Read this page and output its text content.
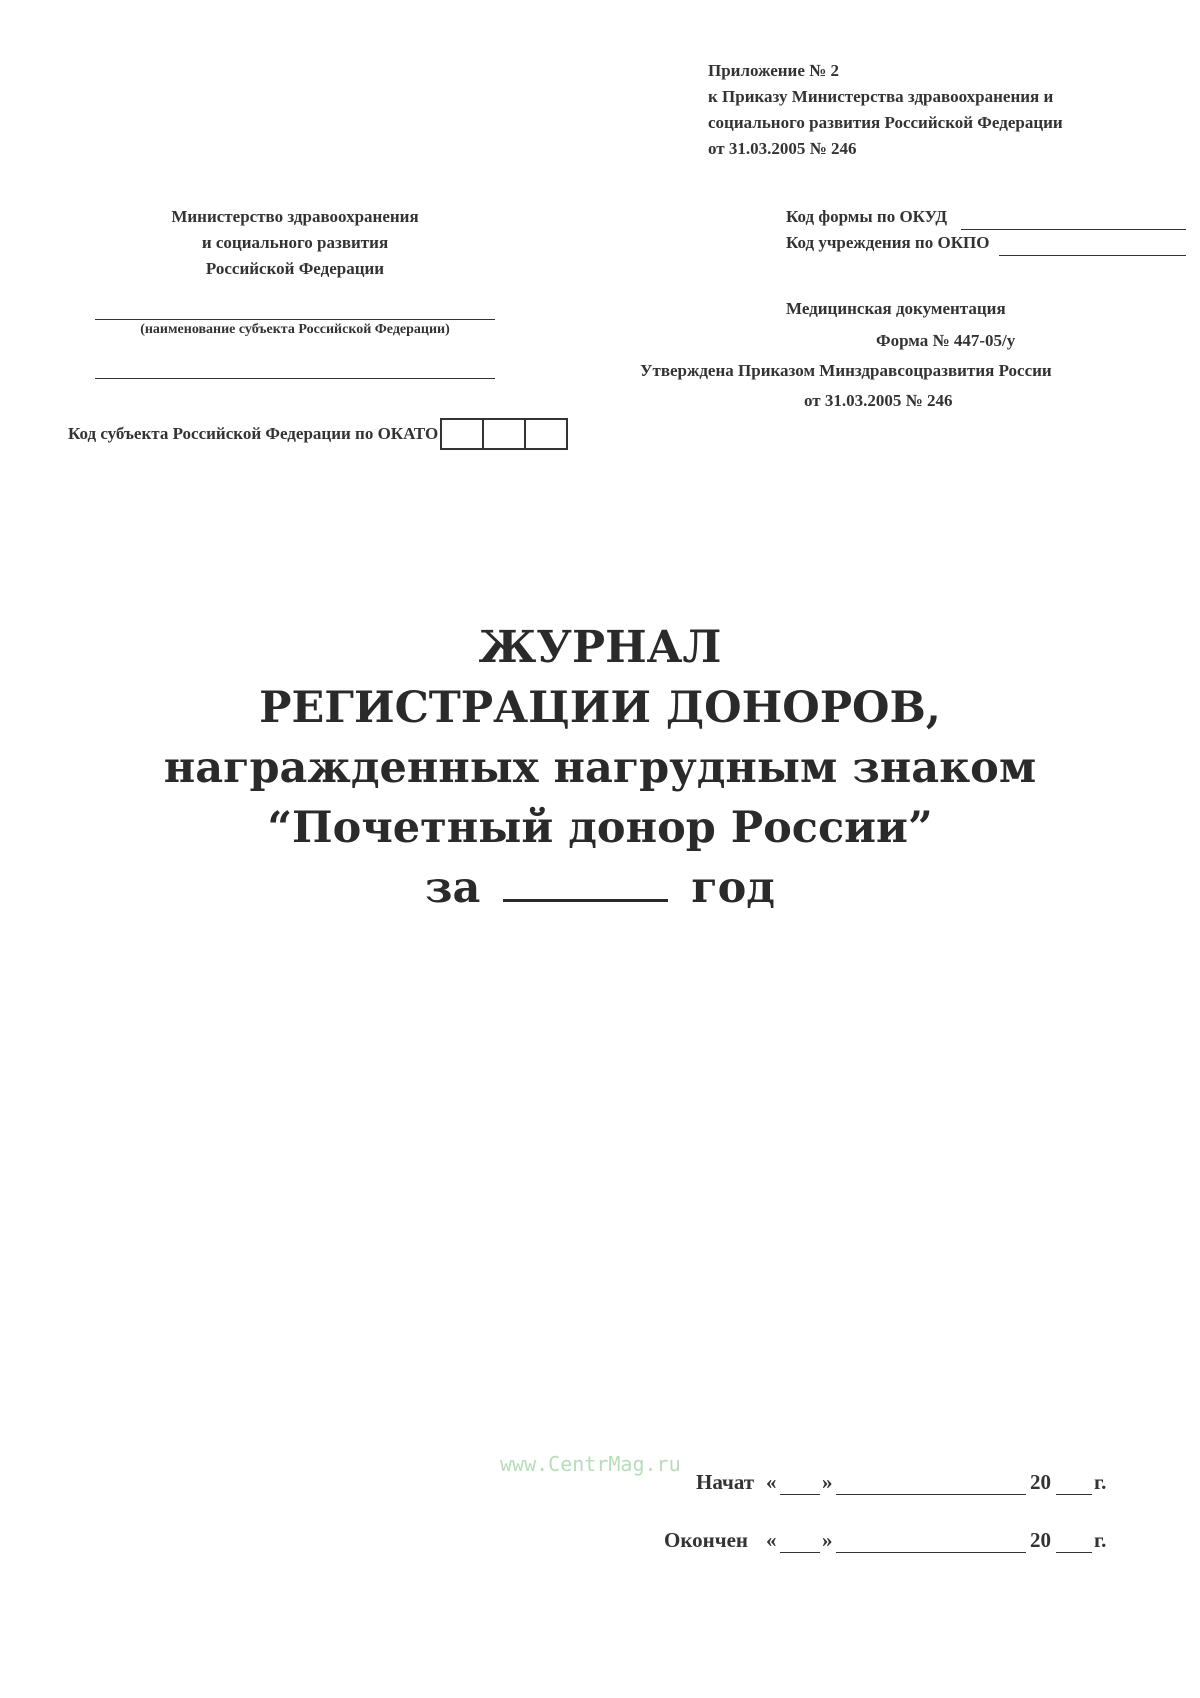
Приложение № 2
к Приказу Министерства здравоохранения и
социального развития Российской Федерации
от 31.03.2005 № 246
Министерство здравоохранения
и социального развития
Российской Федерации
(наименование субъекта Российской Федерации)
Код субъекта Российской Федерации по ОКАТО
Код формы по ОКУД
Код учреждения по ОКПО
Медицинская документация
Форма № 447-05/у
Утверждена Приказом Минздравсоцразвития России
от 31.03.2005 № 246
ЖУРНАЛ
РЕГИСТРАЦИИ ДОНОРОВ,
награжденных нагрудным знаком
“Почетный донор России”
за	год
www.CentrMag.ru
Начат « »	20 г.
Окончен « »	20 г.
